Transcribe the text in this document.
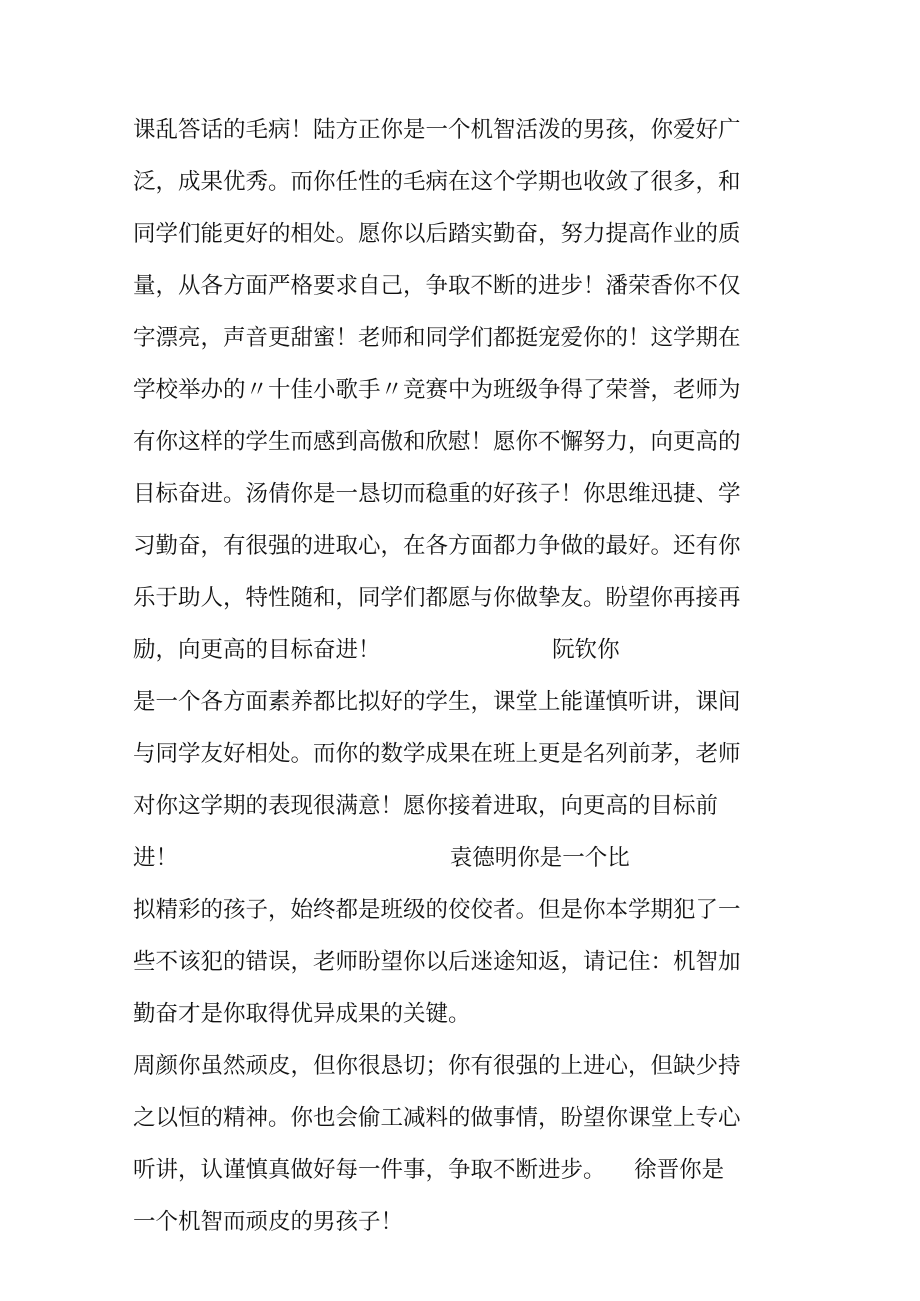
课乱答话的毛病！陆方正你是一个机智活泼的男孩，你爱好广
泛，成果优秀。而你任性的毛病在这个学期也收敛了很多，和
同学们能更好的相处。愿你以后踏实勤奋，努力提高作业的质
量，从各方面严格要求自己，争取不断的进步！潘荣香你不仅
字漂亮，声音更甜蜜！老师和同学们都挺宠爱你的！这学期在
学校举办的〃十佳小歌手〃竞赛中为班级争得了荣誉，老师为
有你这样的学生而感到高傲和欣慰！愿你不懈努力，向更高的
目标奋进。汤倩你是一恳切而稳重的好孩子！你思维迅捷、学
习勤奋，有很强的进取心，在各方面都力争做的最好。还有你
乐于助人，特性随和，同学们都愿与你做挚友。盼望你再接再
励，向更高的目标奋进！                        阮钦你
是一个各方面素养都比拟好的学生，课堂上能谨慎听讲，课间
与同学友好相处。而你的数学成果在班上更是名列前茅，老师
对你这学期的表现很满意！愿你接着进取，向更高的目标前
进！                                      袁德明你是一个比
拟精彩的孩子，始终都是班级的佼佼者。但是你本学期犯了一
些不该犯的错误，老师盼望你以后迷途知返，请记住：机智加
勤奋才是你取得优异成果的关键。
周颜你虽然顽皮，但你很恳切；你有很强的上进心，但缺少持
之以恒的精神。你也会偷工减料的做事情，盼望你课堂上专心
听讲，认谨慎真做好每一件事，争取不断进步。    徐晋你是
一个机智而顽皮的男孩子！
